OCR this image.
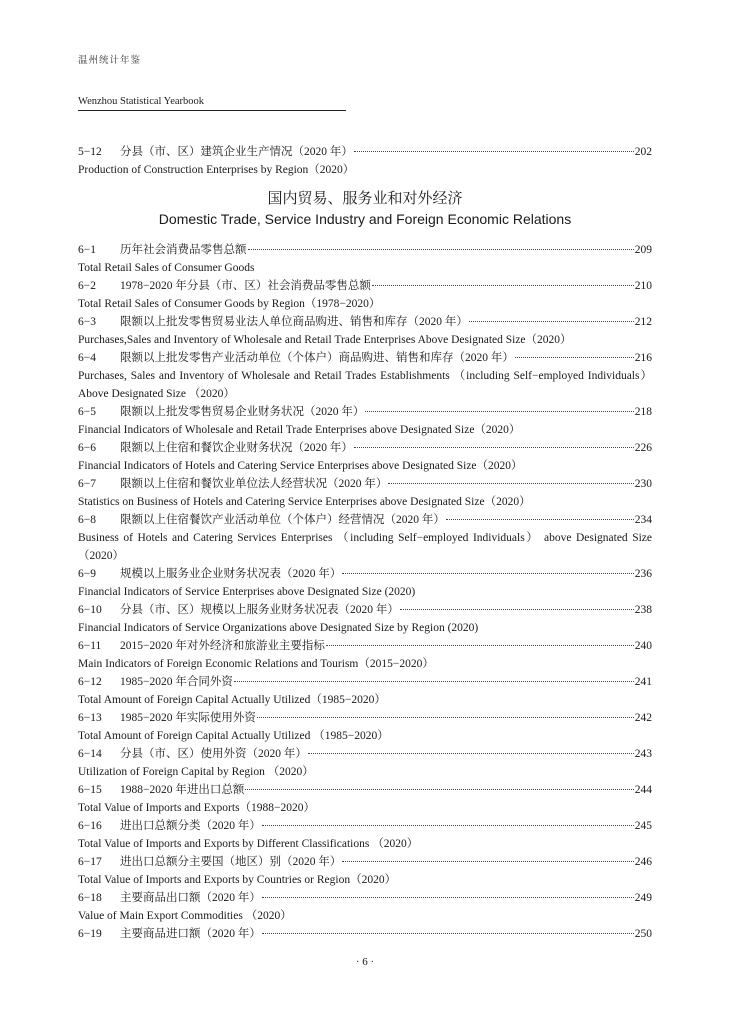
温州统计年鉴
Wenzhou Statistical Yearbook
5−12	分县（市、区）建筑企业生产情况（2020 年）	202
Production of Construction Enterprises by Region（2020）
国内贸易、服务业和对外经济
Domestic Trade, Service Industry and Foreign Economic Relations
6−1	历年社会消费品零售总额	209
Total Retail Sales of Consumer Goods
6−2	1978−2020 年分县（市、区）社会消费品零售总额	210
Total Retail Sales of Consumer Goods by Region（1978−2020）
6−3	限额以上批发零售贸易业法人单位商品购进、销售和库存（2020 年）	212
Purchases,Sales and Inventory of Wholesale and Retail Trade Enterprises Above Designated Size（2020）
6−4	限额以上批发零售产业活动单位（个体户）商品购进、销售和库存（2020 年）	216
Purchases, Sales and Inventory of Wholesale and Retail Trades Establishments （including Self−employed Individuals） Above Designated Size （2020）
6−5	限额以上批发零售贸易企业财务状况（2020 年）	218
Financial Indicators of Wholesale and Retail Trade Enterprises above Designated Size（2020）
6−6	限额以上住宿和餐饮企业财务状况（2020 年）	226
Financial Indicators of Hotels and Catering Service Enterprises above Designated Size（2020）
6−7	限额以上住宿和餐饮业单位法人经营状况（2020 年）	230
Statistics on Business of Hotels and Catering Service Enterprises above Designated Size（2020）
6−8	限额以上住宿餐饮产业活动单位（个体户）经营情况（2020 年）	234
Business of Hotels and Catering Services Enterprises （including Self−employed Individuals） above Designated Size （2020）
6−9	规模以上服务业企业财务状况表（2020 年）	236
Financial Indicators of Service Enterprises above Designated Size (2020)
6−10	分县（市、区）规模以上服务业财务状况表（2020 年）	238
Financial Indicators of Service Organizations above Designated Size by Region (2020)
6−11	2015−2020 年对外经济和旅游业主要指标	240
Main Indicators of Foreign Economic Relations and Tourism（2015−2020）
6−12	1985−2020 年合同外资	241
Total Amount of Foreign Capital Actually Utilized（1985−2020）
6−13	1985−2020 年实际使用外资	242
Total Amount of Foreign Capital Actually Utilized （1985−2020）
6−14	分县（市、区）使用外资（2020 年）	243
Utilization of Foreign Capital by Region （2020）
6−15	1988−2020 年进出口总额	244
Total Value of Imports and Exports（1988−2020）
6−16	进出口总额分类（2020 年）	245
Total Value of Imports and Exports by Different Classifications （2020）
6−17	进出口总额分主要国（地区）别（2020 年）	246
Total Value of Imports and Exports by Countries or Region（2020）
6−18	主要商品出口额（2020 年）	249
Value of Main Export Commodities （2020）
6−19	主要商品进口额（2020 年）	250
· 6 ·
